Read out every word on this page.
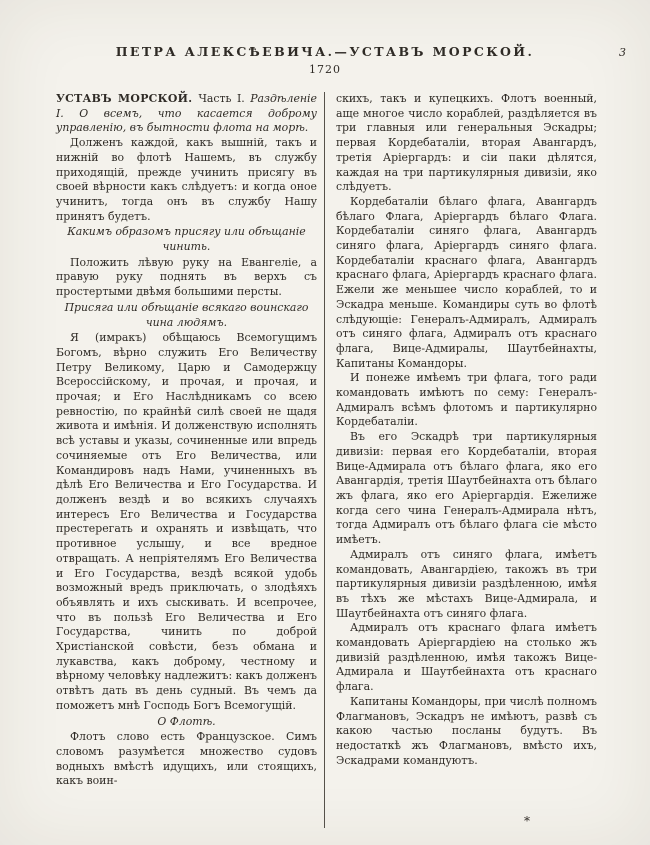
ПЕТРА АЛЕКСѢЕВИЧА.—УСТАВЪ МОРСКОЙ.	3
1720

УСТАВЪ МОРСКОЙ. Часть I. Раздѣленіе I. О всемъ, что касается доброму управленію, въ бытности флота на морѣ.

Долженъ каждой, какъ вышній, такъ и нижній во флотѣ Нашемъ, въ службу приходящій, прежде учинить присягу въ своей вѣрности какъ слѣдуетъ: и когда оное учинитъ, тогда онъ въ службу Нашу принятъ будетъ.

Какимъ образомъ присягу или обѣщаніе чинить.

Положить лѣвую руку на Евангеліе, а правую руку поднять въ верхъ съ простертыми двѣмя большими персты.

Присяга или обѣщаніе всякаго воинскаго чина людямъ.

Я (имракъ) обѣщаюсь Всемогущимъ Богомъ, вѣрно служить Его Величеству Петру Великому, Царю и Самодержцу Всероссійскому, и прочая, и прочая, и прочая; и Его Наслѣдникамъ со всею ревностію, по крайнѣй силѣ своей не щадя живота и имѣнія. И долженствую исполнять всѣ уставы и указы, сочиненные или впредь сочиняемые отъ Его Величества, или Командировъ надъ Нами, учиненныхъ въ дѣлѣ Его Величества и Его Государства. И долженъ вездѣ и во всякихъ случаяхъ интересъ Его Величества и Государства престерегать и охранять и извѣщать, что противное услышу, и все вредное отвращать. А непріятелямъ Его Величества и Его Государства, вездѣ всякой удобь возможный вредъ приключать, о злодѣяхъ объявлять и ихъ сыскивать. И всепрочее, что въ пользѣ Его Величества и Его Государства, чинить по доброй Христіанской совѣсти, безъ обмана и лукавства, какъ доброму, честному и вѣрному человѣку надлежитъ: какъ долженъ отвѣтъ дать въ день судный. Въ чемъ да поможетъ мнѣ Господь Богъ Всемогущій.

О Флотѣ.

Флотъ слово есть Французское. Симъ словомъ разумѣется множество судовъ водныхъ вмѣстѣ идущихъ, или стоящихъ, какъ воин-

скихъ, такъ и купецкихъ. Флотъ военный, аще многое число кораблей, раздѣляется въ три главныя или генеральныя Эскадры; первая Кордебаталіи, вторая Авангардъ, третія Аріергардъ: и сіи паки дѣлятся, каждая на три партикулярныя дивизіи, яко слѣдуетъ.

Кордебаталіи бѣлаго флага, Авангардъ бѣлаго Флага, Аріергардъ бѣлаго Флага. Кордебаталіи синяго флага, Авангардъ синяго флага, Аріергардъ синяго флага. Кордебаталіи краснаго флага, Авангардъ краснаго флага, Аріергардъ краснаго флага. Ежели же меньшее число кораблей, то и Эскадра меньше. Командиры суть во флотѣ слѣдующіе: Генералъ-Адмиралъ, Адмиралъ отъ синяго флага, Адмиралъ отъ краснаго флага, Вице-Адмиралы, Шаутбейнахты, Капитаны Командоры.

И понеже имѣемъ три флага, того ради командовать имѣютъ по сему: Генералъ-Адмиралъ всѣмъ флотомъ и партикулярно Кордебаталіи.

Въ его Эскадрѣ три партикулярныя дивизіи: первая его Кордебаталіи, вторая Вице-Адмирала отъ бѣлаго флага, яко его Авангардія, третія Шаутбейнахта отъ бѣлаго жъ флага, яко его Аріергардія. Ежелиже когда сего чина Генералъ-Адмирала нѣтъ, тогда Адмиралъ отъ бѣлаго флага сіе мѣсто имѣетъ.

Адмиралъ отъ синяго флага, имѣетъ командовать, Авангардіею, такожъ въ три партикулярныя дивизіи раздѣленною, имѣя въ тѣхъ же мѣстахъ Вице-Адмирала, и Шаутбейнахта отъ синяго флага.

Адмиралъ отъ краснаго флага имѣетъ командовать Аріергардіею на столько жъ дивизій раздѣленною, имѣя такожъ Вице-Адмирала и Шаутбейнахта отъ краснаго флага.

Капитаны Командоры, при числѣ полномъ Флагмановъ, Эскадръ не имѣютъ, развѣ съ какою частью посланы будутъ. Въ недостаткѣ жъ Флагмановъ, вмѣсто ихъ, Эскадрами командуютъ.

*
